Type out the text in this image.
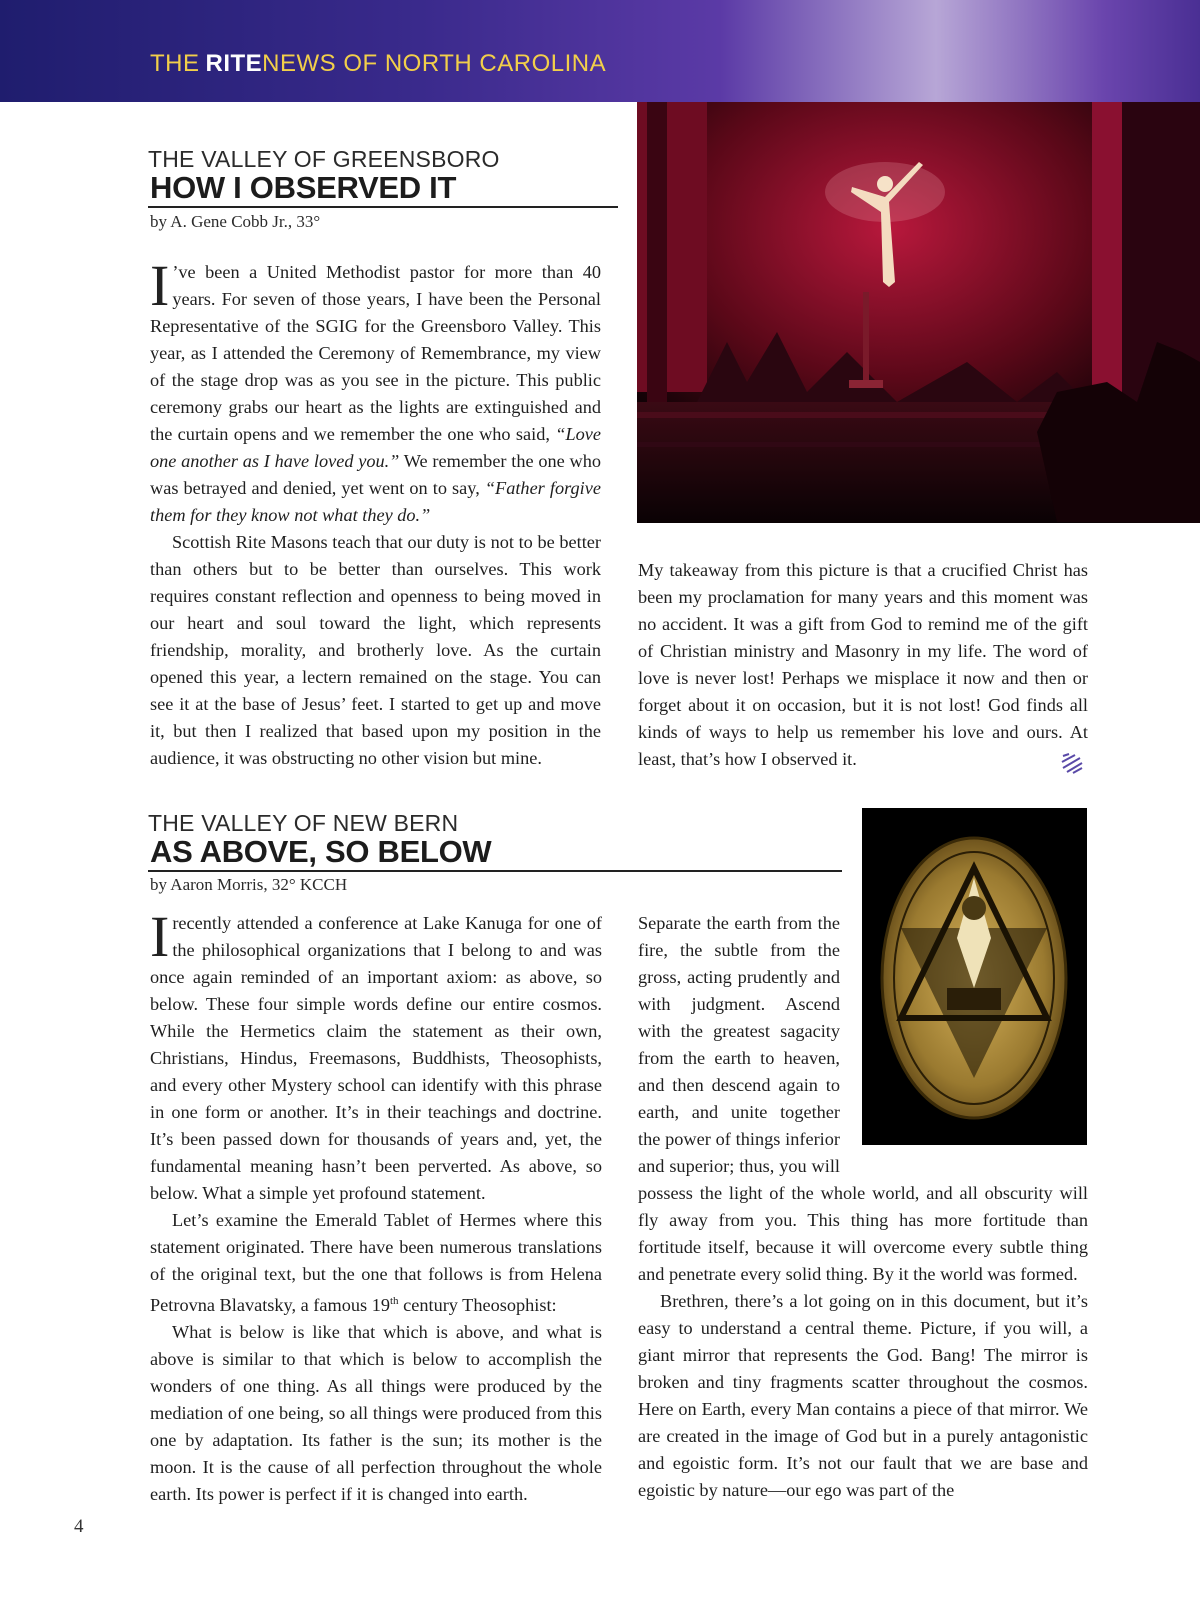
THE RITENEWS OF NORTH CAROLINA
THE VALLEY OF GREENSBORO
HOW I OBSERVED IT
by A. Gene Cobb Jr., 33°

I ’ve been a United Methodist pastor for more than 40 years. For seven of those years, I have been the Personal Representative of the SGIG for the Greensboro Valley. This year, as I attended the Ceremony of Remembrance, my view of the stage drop was as you see in the picture. This public ceremony grabs our heart as the lights are extinguished and the curtain opens and we remember the one who said, “Love one another as I have loved you.” We remember the one who was betrayed and denied, yet went on to say, “Father forgive them for they know not what they do.”

Scottish Rite Masons teach that our duty is not to be better than others but to be better than ourselves. This work requires constant reflection and openness to being moved in our heart and soul toward the light, which represents friendship, morality, and brotherly love. As the curtain opened this year, a lectern remained on the stage. You can see it at the base of Jesus’ feet. I started to get up and move it, but then I realized that based upon my position in the audience, it was obstructing no other vision but mine.

My takeaway from this picture is that a crucified Christ has been my proclamation for many years and this moment was no accident. It was a gift from God to remind me of the gift of Christian ministry and Masonry in my life. The word of love is never lost! Perhaps we misplace it now and then or forget about it on occasion, but it is not lost! God finds all kinds of ways to help us remember his love and ours. At least, that’s how I observed it.

THE VALLEY OF NEW BERN
AS ABOVE, SO BELOW
by Aaron Morris, 32° KCCH

Irecently attended a conference at Lake Kanuga for one of the philosophical organizations that I belong to and was once again reminded of an important axiom: as above, so below. These four simple words define our entire cosmos. While the Hermetics claim the statement as their own, Christians, Hindus, Freemasons, Buddhists, Theosophists, and every other Mystery school can identify with this phrase in one form or another. It’s in their teachings and doctrine. It’s been passed down for thousands of years and, yet, the fundamental meaning hasn’t been perverted. As above, so below. What a simple yet profound statement.

Let’s examine the Emerald Tablet of Hermes where this statement originated. There have been numerous translations of the original text, but the one that follows is from Helena Petrovna Blavatsky, a famous 19th century Theosophist:

What is below is like that which is above, and what is above is similar to that which is below to accomplish the wonders of one thing. As all things were produced by the mediation of one being, so all things were produced from this one by adaptation. Its father is the sun; its mother is the moon. It is the cause of all perfection throughout the whole earth. Its power is perfect if it is changed into earth.

Separate the earth from the fire, the subtle from the gross, acting prudently and with judgment. Ascend with the greatest sagacity from the earth to heaven, and then descend again to earth, and unite together the power of things inferior and superior; thus, you will possess the light of the whole world, and all obscurity will fly away from you. This thing has more fortitude than fortitude itself, because it will overcome every subtle thing and penetrate every solid thing. By it the world was formed.

Brethren, there’s a lot going on in this document, but it’s easy to understand a central theme. Picture, if you will, a giant mirror that represents the God. Bang! The mirror is broken and tiny fragments scatter throughout the cosmos. Here on Earth, every Man contains a piece of that mirror. We are created in the image of God but in a purely antagonistic and egoistic form. It’s not our fault that we are base and egoistic by nature—our ego was part of the

4
